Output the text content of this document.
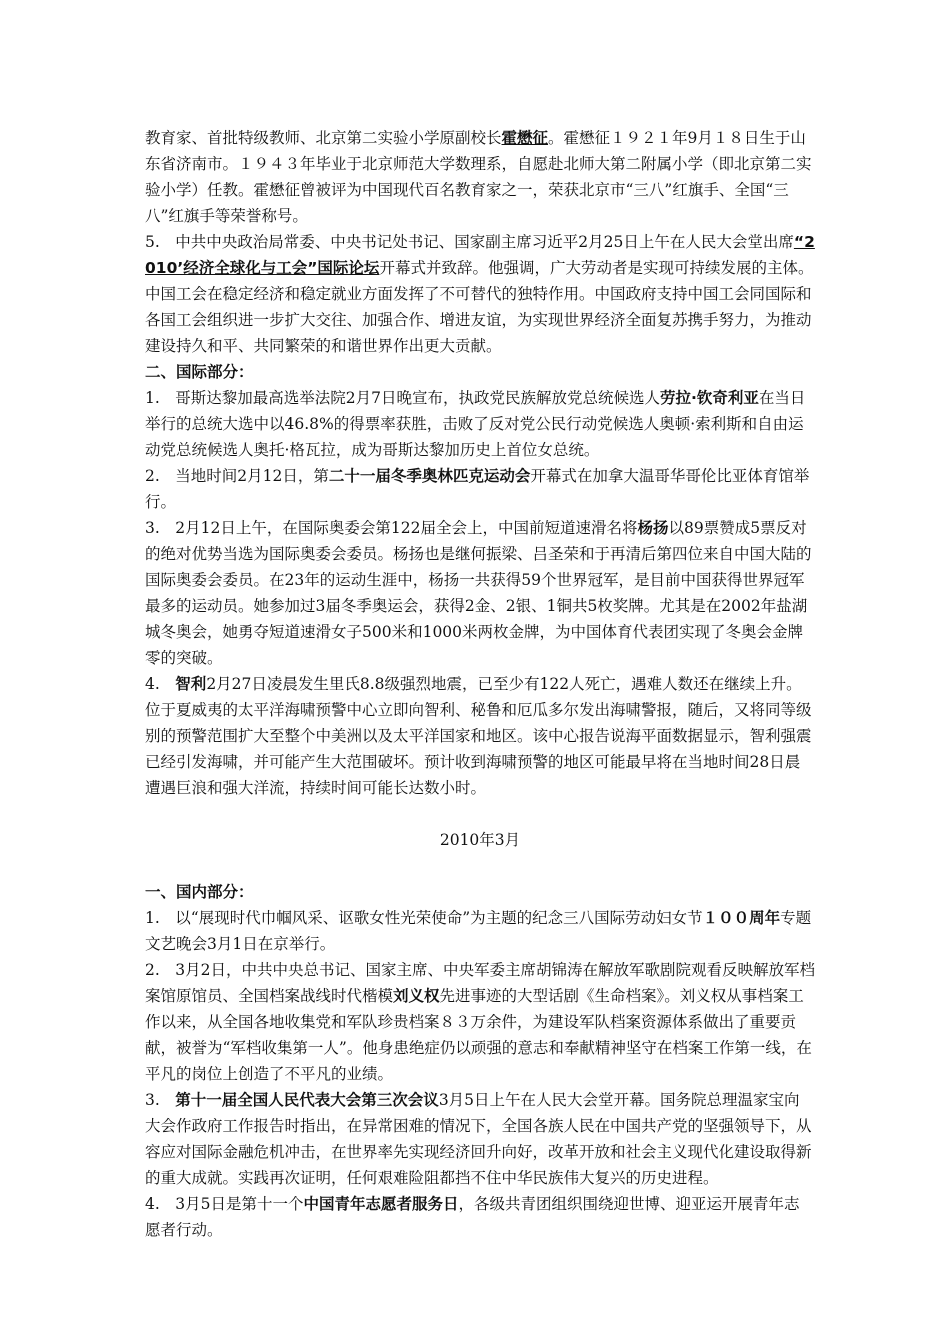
教育家、首批特级教师、北京第二实验小学原副校长霍懋征。霍懋征１９２１年9月１８日生于山东省济南市。１９４３年毕业于北京师范大学数理系，自愿赴北师大第二附属小学（即北京第二实验小学）任教。霍懋征曾被评为中国现代百名教育家之一，荣获北京市“三八”红旗手、全国“三八”红旗手等荣誉称号。

5.　中共中央政治局常委、中央书记处书记、国家副主席习近平2月25日上午在人民大会堂出席“2010’经济全球化与工会”国际论坛开幕式并致辞。他强调，广大劳动者是实现可持续发展的主体。中国工会在稳定经济和稳定就业方面发挥了不可替代的独特作用。中国政府支持中国工会同国际和各国工会组织进一步扩大交往、加强合作、增进友谊，为实现世界经济全面复苏携手努力，为推动建设持久和平、共同繁荣的和谐世界作出更大贡献。

二、国际部分：

1.　哥斯达黎加最高选举法院2月7日晚宣布，执政党民族解放党总统候选人劳拉·钦奇利亚在当日举行的总统大选中以46.8%的得票率获胜，击败了反对党公民行动党候选人奥顿·索利斯和自由运动党总统候选人奥托·格瓦拉，成为哥斯达黎加历史上首位女总统。

2.　当地时间2月12日，第二十一届冬季奥林匹克运动会开幕式在加拿大温哥华哥伦比亚体育馆举行。

3.　2月12日上午，在国际奥委会第122届全会上，中国前短道速滑名将杨扬以89票赞成5票反对的绝对优势当选为国际奥委会委员。杨扬也是继何振梁、吕圣荣和于再清后第四位来自中国大陆的国际奥委会委员。在23年的运动生涯中，杨扬一共获得59个世界冠军，是目前中国获得世界冠军最多的运动员。她参加过3届冬季奥运会，获得2金、2银、1铜共5枚奖牌。尤其是在2002年盐湖城冬奥会，她勇夺短道速滑女子500米和1000米两枚金牌，为中国体育代表团实现了冬奥会金牌零的突破。

4.　智利2月27日凌晨发生里氏8.8级强烈地震，已至少有122人死亡，遇难人数还在继续上升。位于夏威夷的太平洋海啸预警中心立即向智利、秘鲁和厄瓜多尔发出海啸警报，随后，又将同等级别的预警范围扩大至整个中美洲以及太平洋国家和地区。该中心报告说海平面数据显示，智利强震已经引发海啸，并可能产生大范围破坏。预计收到海啸预警的地区可能最早将在当地时间28日晨遭遇巨浪和强大洋流，持续时间可能长达数小时。

2010年3月

一、国内部分：

1.　以“展现时代巾帼风采、讴歌女性光荣使命”为主题的纪念三八国际劳动妇女节１００周年专题文艺晚会3月1日在京举行。

2.　3月2日，中共中央总书记、国家主席、中央军委主席胡锦涛在解放军歌剧院观看反映解放军档案馆原馆员、全国档案战线时代楷模刘义权先进事迹的大型话剧《生命档案》。刘义权从事档案工作以来，从全国各地收集党和军队珍贵档案８３万余件，为建设军队档案资源体系做出了重要贡献，被誉为“军档收集第一人”。他身患绝症仍以顽强的意志和奉献精神坚守在档案工作第一线，在平凡的岗位上创造了不平凡的业绩。

3.　第十一届全国人民代表大会第三次会议3月5日上午在人民大会堂开幕。国务院总理温家宝向大会作政府工作报告时指出，在异常困难的情况下，全国各族人民在中国共产党的坚强领导下，从容应对国际金融危机冲击，在世界率先实现经济回升向好，改革开放和社会主义现代化建设取得新的重大成就。实践再次证明，任何艰难险阻都挡不住中华民族伟大复兴的历史进程。

4.　3月5日是第十一个中国青年志愿者服务日，各级共青团组织围绕迎世博、迎亚运开展青年志愿者行动。
